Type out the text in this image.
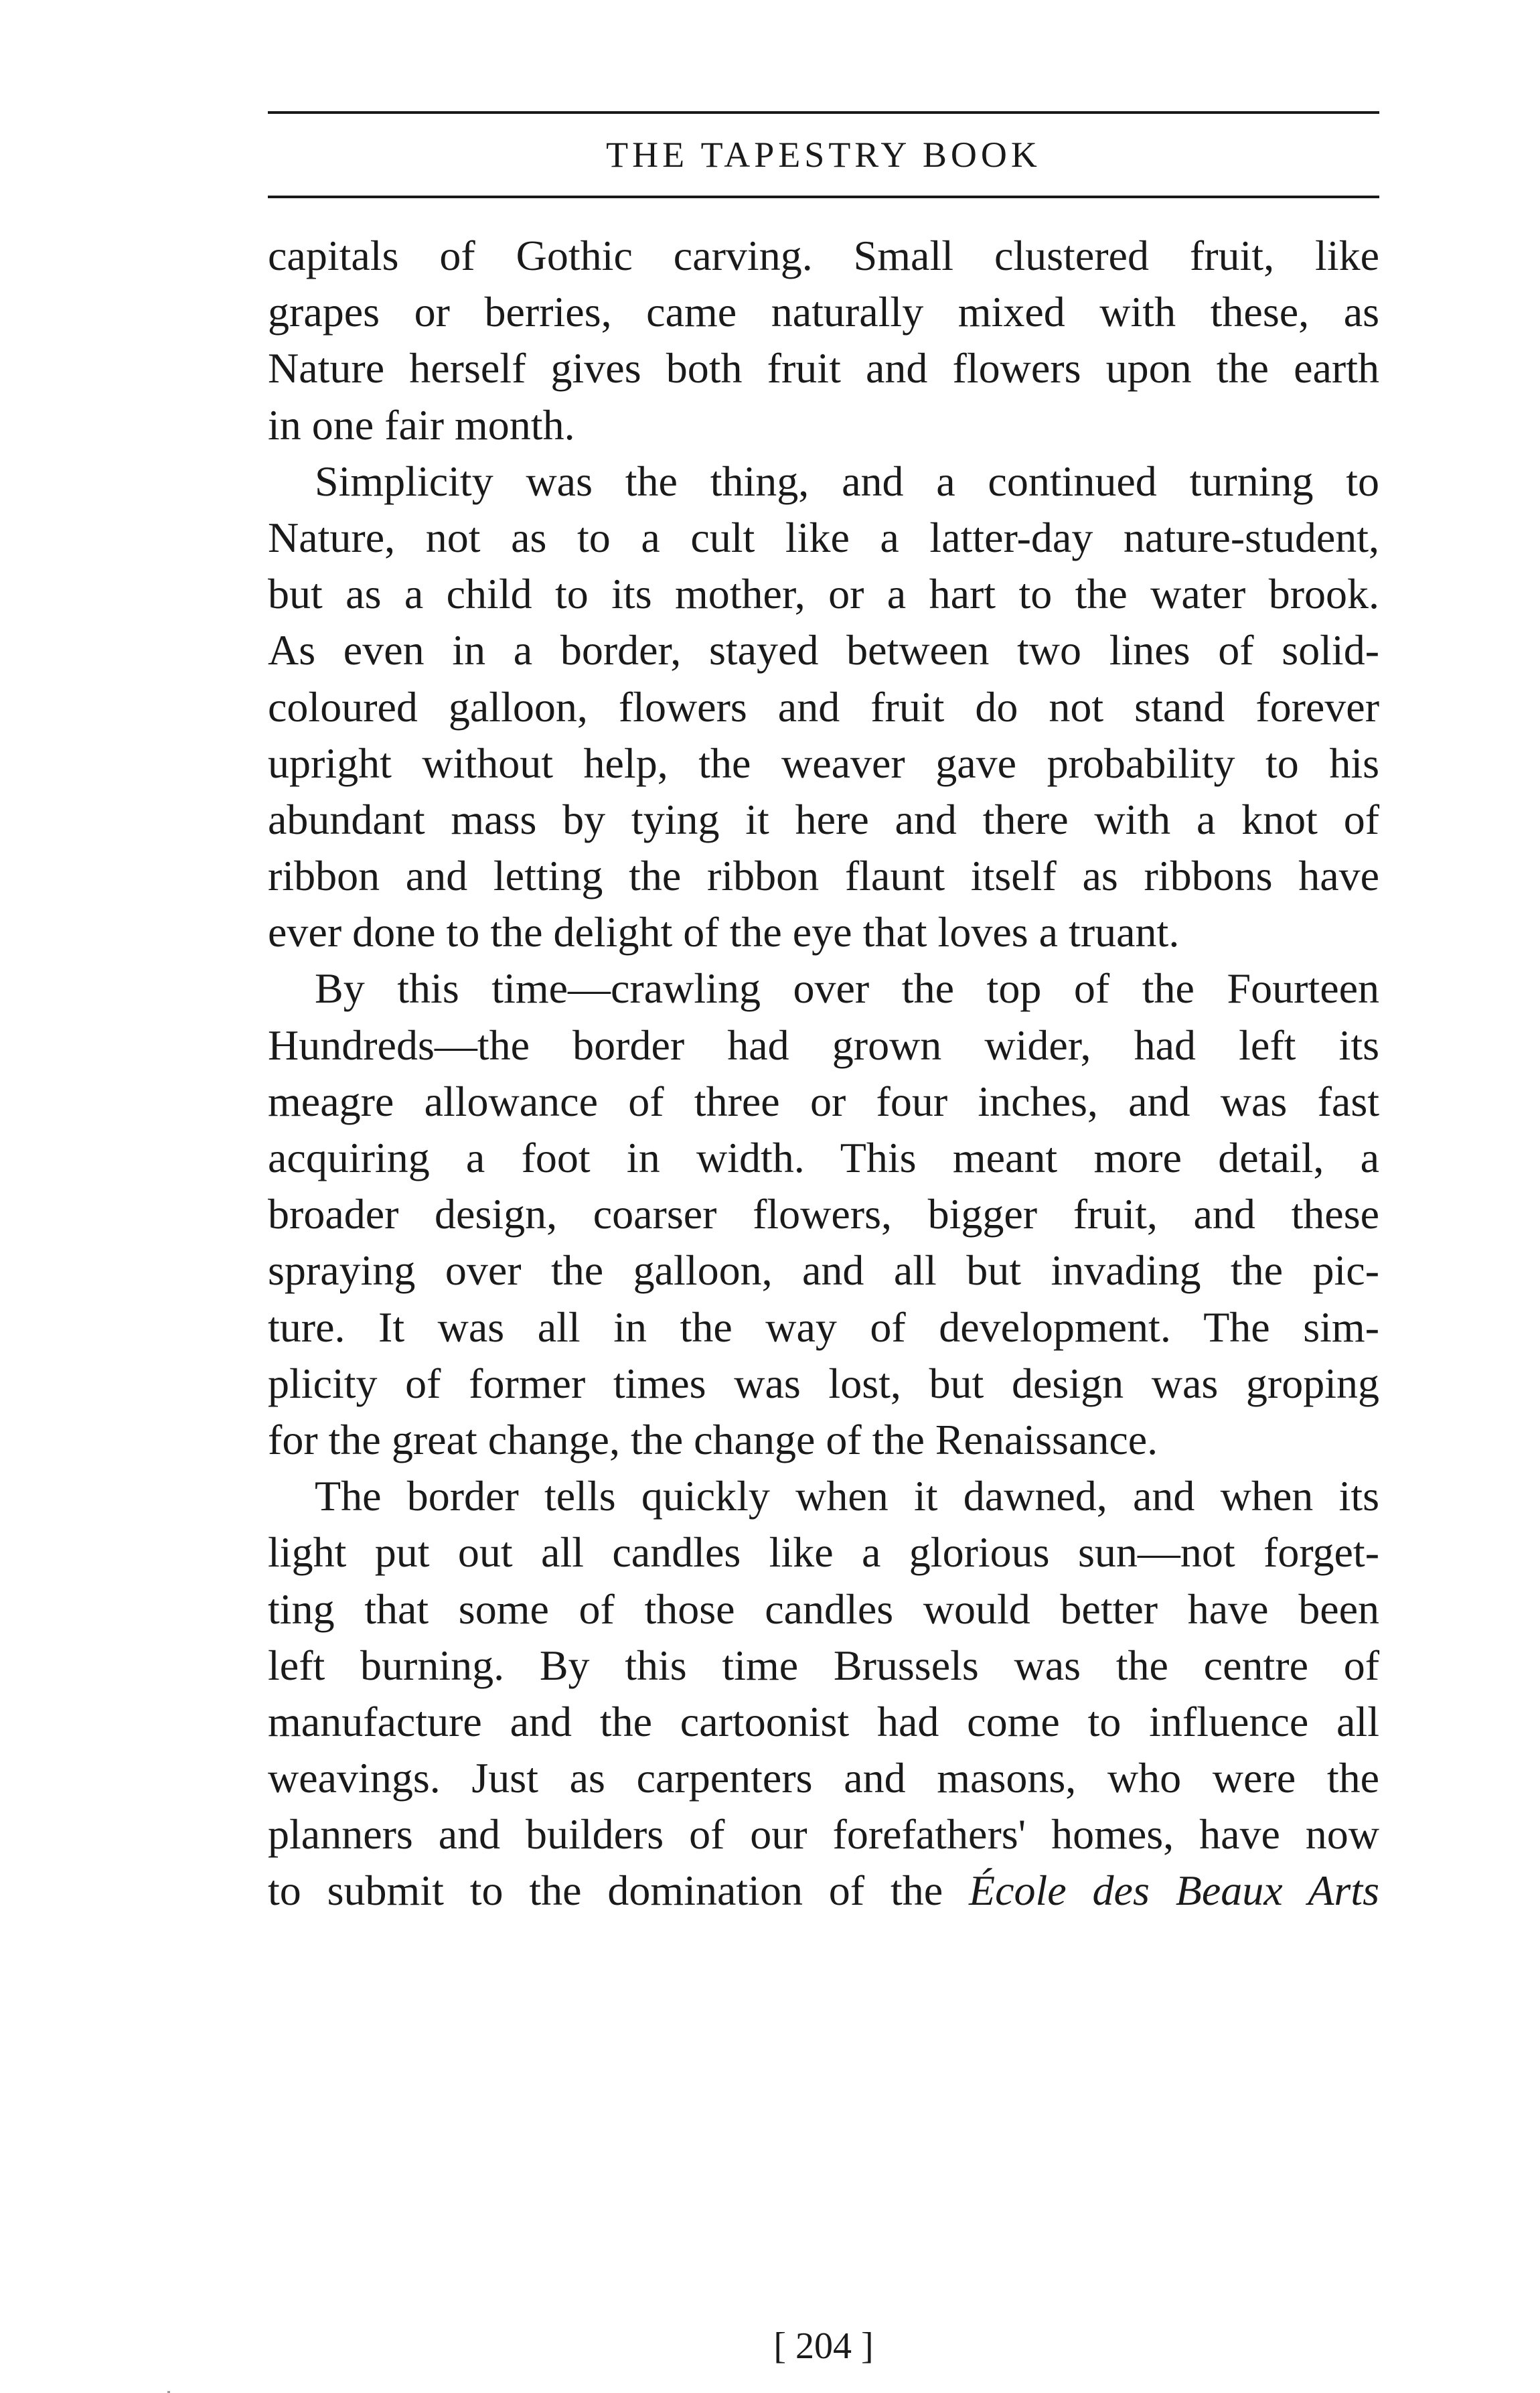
THE TAPESTRY BOOK
capitals of Gothic carving. Small clustered fruit, like
grapes or berries, came naturally mixed with these, as
Nature herself gives both fruit and flowers upon the earth
in one fair month.
Simplicity was the thing, and a continued turning to
Nature, not as to a cult like a latter-day nature-student,
but as a child to its mother, or a hart to the water brook.
As even in a border, stayed between two lines of solid-
coloured galloon, flowers and fruit do not stand forever
upright without help, the weaver gave probability to his
abundant mass by tying it here and there with a knot of
ribbon and letting the ribbon flaunt itself as ribbons have
ever done to the delight of the eye that loves a truant.
By this time—crawling over the top of the Fourteen
Hundreds—the border had grown wider, had left its
meagre allowance of three or four inches, and was fast
acquiring a foot in width. This meant more detail, a
broader design, coarser flowers, bigger fruit, and these
spraying over the galloon, and all but invading the pic-
ture. It was all in the way of development. The sim-
plicity of former times was lost, but design was groping
for the great change, the change of the Renaissance.
The border tells quickly when it dawned, and when its
light put out all candles like a glorious sun—not forget-
ting that some of those candles would better have been
left burning. By this time Brussels was the centre of
manufacture and the cartoonist had come to influence all
weavings. Just as carpenters and masons, who were the
planners and builders of our forefathers' homes, have now
to submit to the domination of the École des Beaux Arts
[ 204 ]
